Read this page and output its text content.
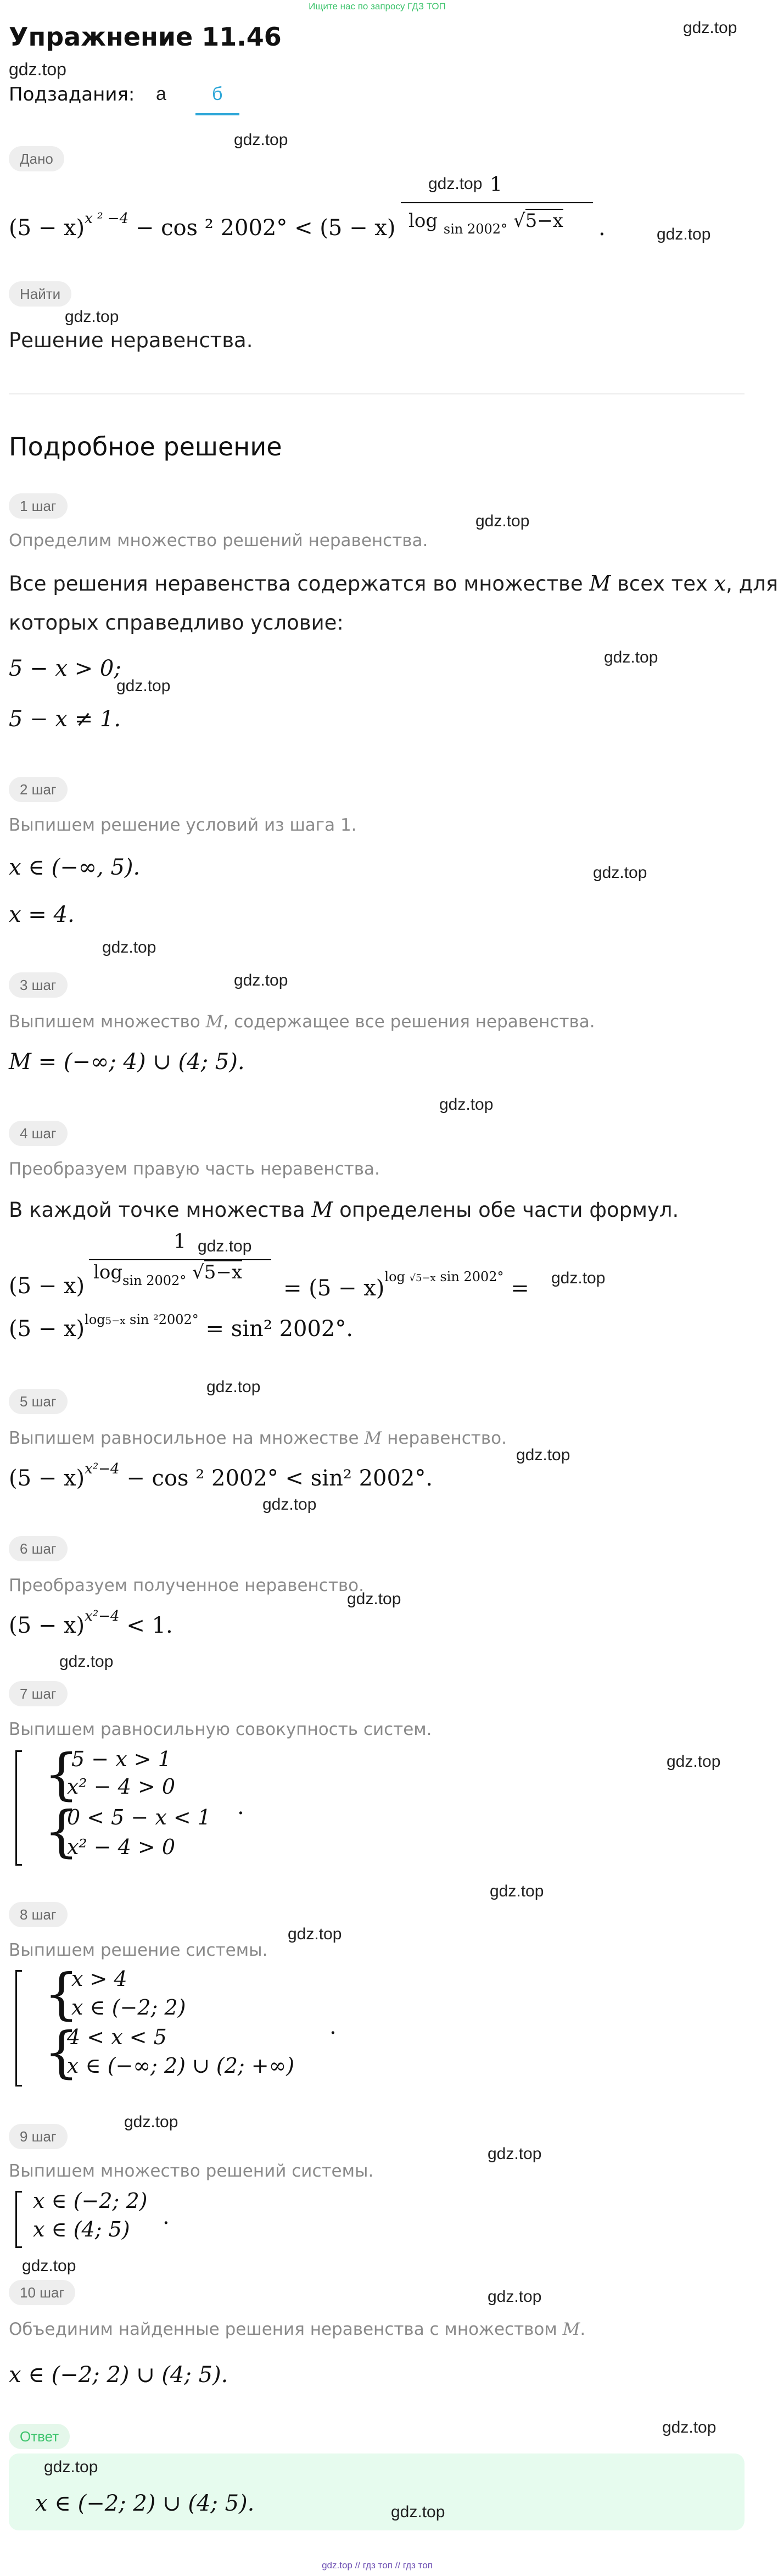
Ищите нас по запросу ГДЗ ТОП
Упражнение 11.46	gdz.top
gdz.top
Подзадания: а б
Дано
gdz.top
gdz.top
$(5 - x)^{x ^2 -4} - \cos ^2$ 2002° < (5 − x)
1
log $_{sin 2002^\circ}$ √5−x .	gdz.top
Найти
gdz.top
Решение неравенства.
Подробное решение
1 шаг
gdz.top
Определим множество решений неравенства.
Все решения неравенства содержатся во множестве M всех тех x, для
которых справедливо условие:
gdz.top
5 − x > 0;
gdz.top
5 − x ≠ 1.
2 шаг
Выпишем решение условий из шага 1.
x ∈ (−∞, 5).	gdz.top
x = 4.
gdz.top
3 шаг	gdz.top
Выпишем множество M, содержащее все решения неравенства.
M = (−∞; 4) ∪ (4; 5).
gdz.top
4 шаг
Преобразуем правую часть неравенства.
В каждой точке множества M определены обе части формул.
1 gdz.top
(5 − x)
$\log_{sin 2002^\circ} √5-x$
= $(5 - x)^{log √5-x sin 2002^\circ} = gdz.top$
$(5 - x)^{log5-x sin ^22002^\circ} = \sin^2$ 2002°.
gdz.top
5 шаг
Выпишем равносильное на множестве M неравенство.
gdz.top
$(5 - x)^{x^2-4} - \cos ^2$ 2002° < sin² 2002°.
gdz.top
6 шаг
Преобразуем полученное неравенство.
gdz.top
$(5 - x)^{x^2-4} < 1$.
gdz.top
7 шаг
Выпишем равносильную совокупность систем.
gdz.top
{
5 − x > 1
x² − 4 > 0
{
0 < 5 − x < 1
x² − 4 > 0
.
gdz.top
8 шаг
gdz.top
Выпишем решение системы.
{
x > 4
x ∈ (−2; 2)
{
4 < x < 5
x ∈ (−∞; 2) ∪ (2; +∞)
.
gdz.top
9 шаг
gdz.top
Выпишем множество решений системы.
x ∈ (−2; 2)
x ∈ (4; 5) .
gdz.top
10 шаг	gdz.top
Объединим найденные решения неравенства с множеством M.
x ∈ (−2; 2) ∪ (4; 5).
gdz.top
Ответ
gdz.top
x ∈ (−2; 2) ∪ (4; 5).	gdz.top
gdz.top // гдз топ // гдз топ
